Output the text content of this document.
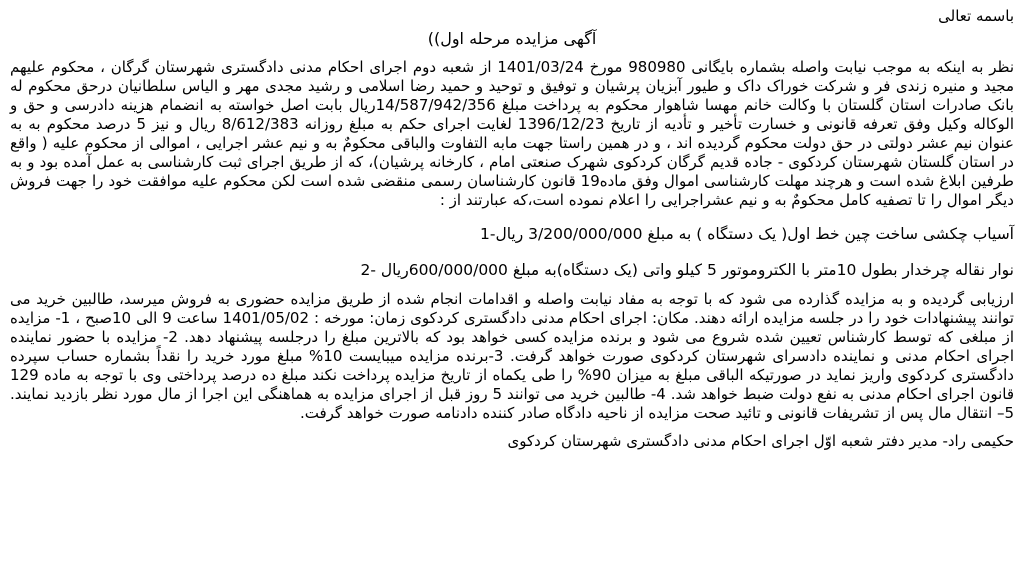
باسمه تعالی
آگهی مزایده مرحله اول))
نظر به اینکه به موجب نیابت واصله بشماره بایگانی 980980 مورخ 1401/03/24 از شعبه دوم اجرای احکام مدنی دادگستری شهرستان گرگان ، محکوم علیهم مجید و منیره زندی فر و شرکت خوراک داک و طیور آبزیان پرشیان و توفیق و توحید و حمید رضا اسلامی و رشید مجدی مهر و الیاس سلطانیان درحق محکوم له بانک صادرات استان گلستان با وکالت خانم مهسا شاهوار محکوم به پرداخت مبلغ 14/587/942/356ریال بابت اصل خواسته به انضمام هزینه دادرسی و حق و الوکاله وکیل وفق تعرفه قانونی و خسارت تأخیر و تأدیه از تاریخ 1396/12/23 لغایت اجرای حکم به مبلغ روزانه 8/612/383 ریال و نیز 5 درصد محکوم به به عنوان نیم عشر دولتی در حق دولت محکوم گردیده اند ، و در همین راستا جهت مابه التفاوت والباقی محکومٌ به و نیم عشر اجرایی ، اموالی از محکوم علیه ( واقع در استان گلستان شهرستان کردکوی - جاده قدیم گرگان کردکوی شهرک صنعتی امام ، کارخانه پرشیان)، که از طریق اجرای ثبت کارشناسی به عمل آمده بود و به طرفین ابلاغ شده است و هرچند مهلت کارشناسی اموال وفق ماده19 قانون کارشناسان رسمی منقضی شده است لکن محکوم علیه موافقت خود را جهت فروش دیگر اموال را تا تصفیه کامل محکومٌ به و نیم عشراجرایی را اعلام نموده است،که عبارتند از :
آسیاب چکشی ساخت چین خط اول( یک دستگاه ) به مبلغ 3/200/000/000 ریال-1
نوار نقاله چرخدار بطول 10متر با الکتروموتور 5 کیلو واتی (یک دستگاه)به مبلغ 600/000/000ریال -2
ارزیابی گردیده و به مزایده گذارده می شود که با توجه به مفاد نیابت واصله و اقدامات انجام شده از طریق مزایده حضوری به فروش میرسد، طالبین خرید می توانند پیشنهادات خود را در جلسه مزایده ارائه دهند. مکان: اجرای احکام مدنی دادگستری کردکوی زمان: مورخه : 1401/05/02 ساعت 9 الی 10صبح ، 1- مزایده از مبلغی که توسط کارشناس تعیین شده شروع می شود و برنده مزایده کسی خواهد بود که بالاترین مبلغ را درجلسه پیشنهاد دهد. 2- مزایده با حضور نماینده اجرای احکام مدنی و نماینده دادسرای شهرستان کردکوی صورت خواهد گرفت. 3-برنده مزایده میبایست 10% مبلغ مورد خرید را نقداً بشماره حساب سپرده دادگستری کردکوی واریز نماید در صورتیکه الباقی مبلغ به میزان 90% را طی یکماه از تاریخ مزایده پرداخت نکند مبلغ ده درصد پرداختی وی با توجه به ماده 129 قانون اجرای احکام مدنی به نفع دولت ضبط خواهد شد. 4- طالبین خرید می توانند 5 روز قبل از اجرای مزایده به هماهنگی این اجرا از مال مورد نظر بازدید نمایند. 5– انتقال مال پس از تشریفات قانونی و تائید صحت مزایده از ناحیه دادگاه صادر کننده دادنامه صورت خواهد گرفت.
حکیمی راد- مدیر دفتر شعبه اوّل اجرای احکام مدنی دادگستری شهرستان کردکوی
